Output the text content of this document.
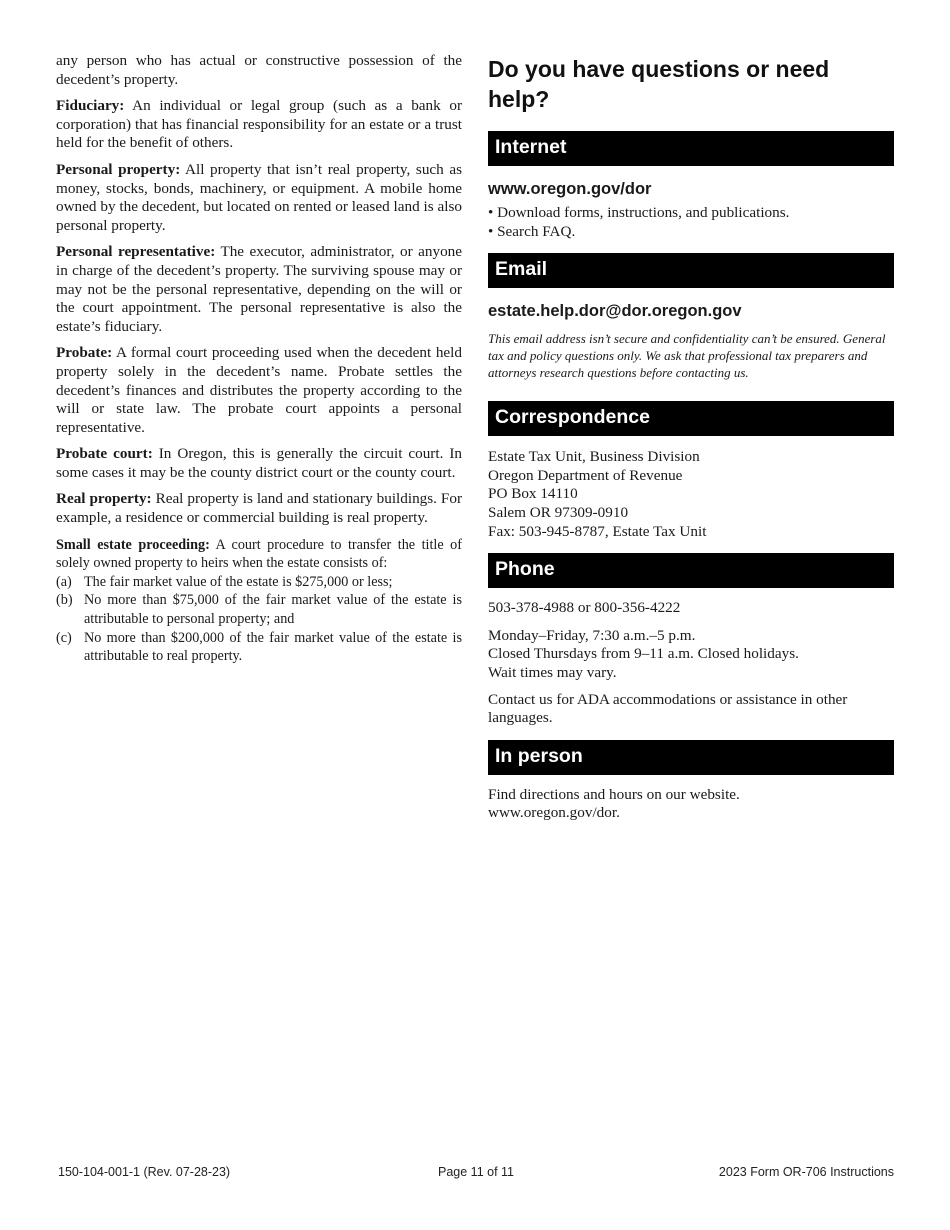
any person who has actual or constructive possession of the decedent’s property.

Fiduciary: An individual or legal group (such as a bank or corporation) that has financial responsibility for an estate or a trust held for the benefit of others.

Personal property: All property that isn’t real property, such as money, stocks, bonds, machinery, or equipment. A mobile home owned by the decedent, but located on rented or leased land is also personal property.

Personal representative: The executor, administrator, or anyone in charge of the decedent’s property. The surviving spouse may or may not be the personal representative, depending on the will or the court appointment. The personal representative is also the estate’s fiduciary.

Probate: A formal court proceeding used when the decedent held property solely in the decedent’s name. Probate settles the decedent’s finances and distributes the property according to the will or state law. The probate court appoints a personal representative.

Probate court: In Oregon, this is generally the circuit court. In some cases it may be the county district court or the county court.

Real property: Real property is land and stationary buildings. For example, a residence or commercial building is real property.

Small estate proceeding: A court procedure to transfer the title of solely owned property to heirs when the estate consists of:
(a) The fair market value of the estate is $275,000 or less;
(b) No more than $75,000 of the fair market value of the estate is attributable to personal property; and
(c) No more than $200,000 of the fair market value of the estate is attributable to real property.
Do you have questions or need help?
Internet

www.oregon.gov/dor

• Download forms, instructions, and publications.
• Search FAQ.
Email

estate.help.dor@dor.oregon.gov

This email address isn’t secure and confidentiality can’t be ensured. General tax and policy questions only. We ask that professional tax preparers and attorneys research questions before contacting us.

Correspondence
Estate Tax Unit, Business Division
Oregon Department of Revenue
PO Box 14110
Salem OR 97309-0910
Fax: 503-945-8787, Estate Tax Unit
Phone

503-378-4988 or 800-356-4222

Monday–Friday, 7:30 a.m.–5 p.m.
Closed Thursdays from 9–11 a.m. Closed holidays.
Wait times may vary.

Contact us for ADA accommodations or assistance in other languages.

In person
Find directions and hours on our website.
www.oregon.gov/dor.
150-104-001-1 (Rev. 07-28-23)	Page 11 of 11	2023 Form OR-706 Instructions
